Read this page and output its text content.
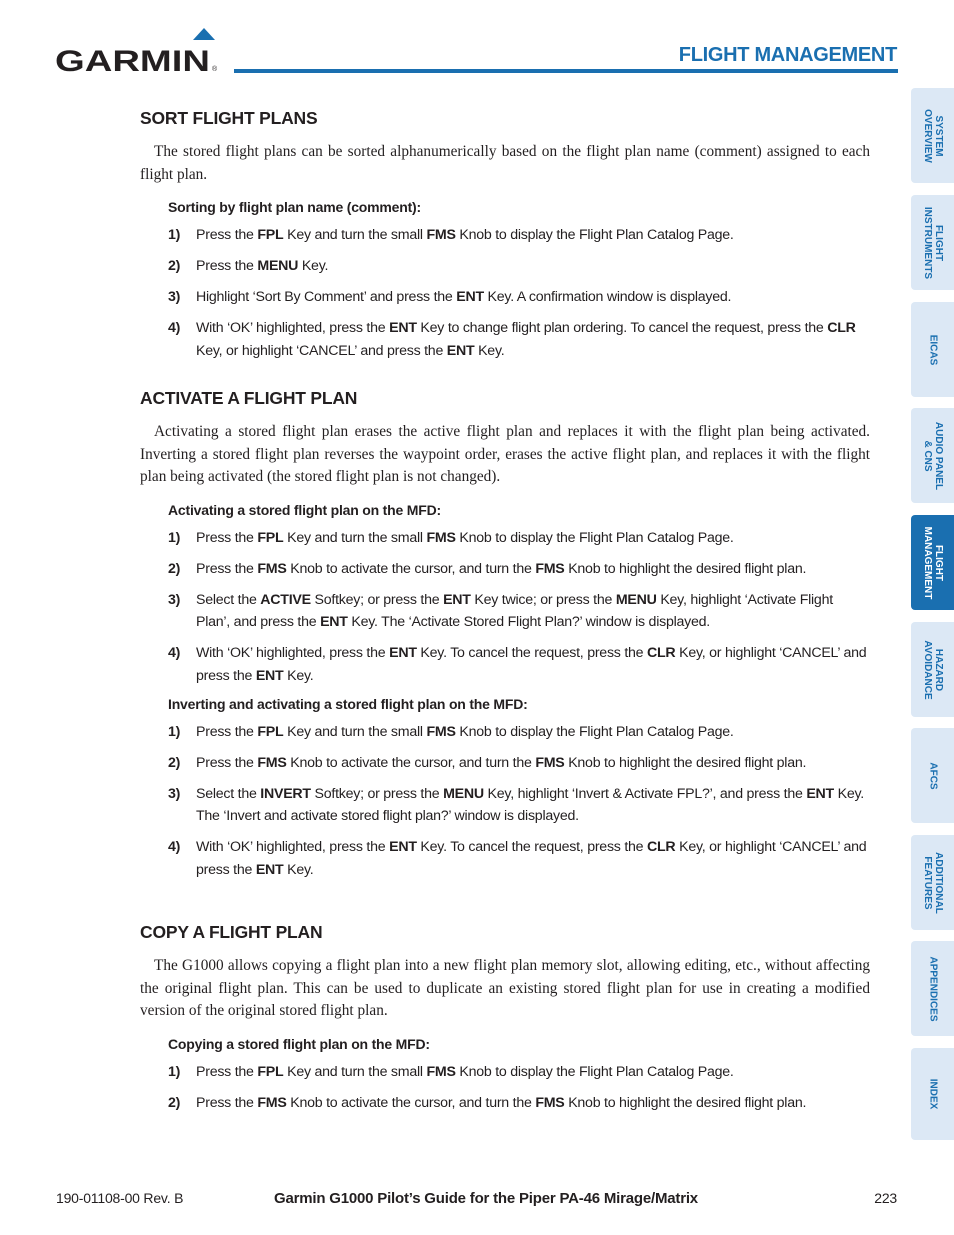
GARMIN ®
FLIGHT MANAGEMENT
SORT FLIGHT PLANS

The stored flight plans can be sorted alphanumerically based on the flight plan name (comment) assigned to each flight plan.

Sorting by flight plan name (comment):
1) Press the FPL Key and turn the small FMS Knob to display the Flight Plan Catalog Page.
2) Press the MENU Key.
3) Highlight ‘Sort By Comment’ and press the ENT Key. A confirmation window is displayed.
4) With ‘OK’ highlighted, press the ENT Key to change flight plan ordering. To cancel the request, press the CLR Key, or highlight ‘CANCEL’ and press the ENT Key.
ACTIVATE A FLIGHT PLAN

Activating a stored flight plan erases the active flight plan and replaces it with the flight plan being activated. Inverting a stored flight plan reverses the waypoint order, erases the active flight plan, and replaces it with the flight plan being activated (the stored flight plan is not changed).

Activating a stored flight plan on the MFD:
1) Press the FPL Key and turn the small FMS Knob to display the Flight Plan Catalog Page.
2) Press the FMS Knob to activate the cursor, and turn the FMS Knob to highlight the desired flight plan.
3) Select the ACTIVE Softkey; or press the ENT Key twice; or press the MENU Key, highlight ‘Activate Flight Plan’, and press the ENT Key. The ‘Activate Stored Flight Plan?’ window is displayed.
4) With ‘OK’ highlighted, press the ENT Key. To cancel the request, press the CLR Key, or highlight ‘CANCEL’ and press the ENT Key.
Inverting and activating a stored flight plan on the MFD:
1) Press the FPL Key and turn the small FMS Knob to display the Flight Plan Catalog Page.
2) Press the FMS Knob to activate the cursor, and turn the FMS Knob to highlight the desired flight plan.
3) Select the INVERT Softkey; or press the MENU Key, highlight ‘Invert & Activate FPL?’, and press the ENT Key. The ‘Invert and activate stored flight plan?’ window is displayed.
4) With ‘OK’ highlighted, press the ENT Key. To cancel the request, press the CLR Key, or highlight ‘CANCEL’ and press the ENT Key.
COPY A FLIGHT PLAN

The G1000 allows copying a flight plan into a new flight plan memory slot, allowing editing, etc., without affecting the original flight plan. This can be used to duplicate an existing stored flight plan for use in creating a modified version of the original stored flight plan.

Copying a stored flight plan on the MFD:
1) Press the FPL Key and turn the small FMS Knob to display the Flight Plan Catalog Page.
2) Press the FMS Knob to activate the cursor, and turn the FMS Knob to highlight the desired flight plan.
SYSTEM
OVERVIEW
FLIGHT
INSTRUMENTS
EICAS
AUDIO PANEL
& CNS
FLIGHT
MANAGEMENT
HAZARD
AVOIDANCE
AFCS
ADDITIONAL
FEATURES
APPENDICES
INDEX
190-01108-00 Rev. B	Garmin G1000 Pilot’s Guide for the Piper PA-46 Mirage/Matrix	223
